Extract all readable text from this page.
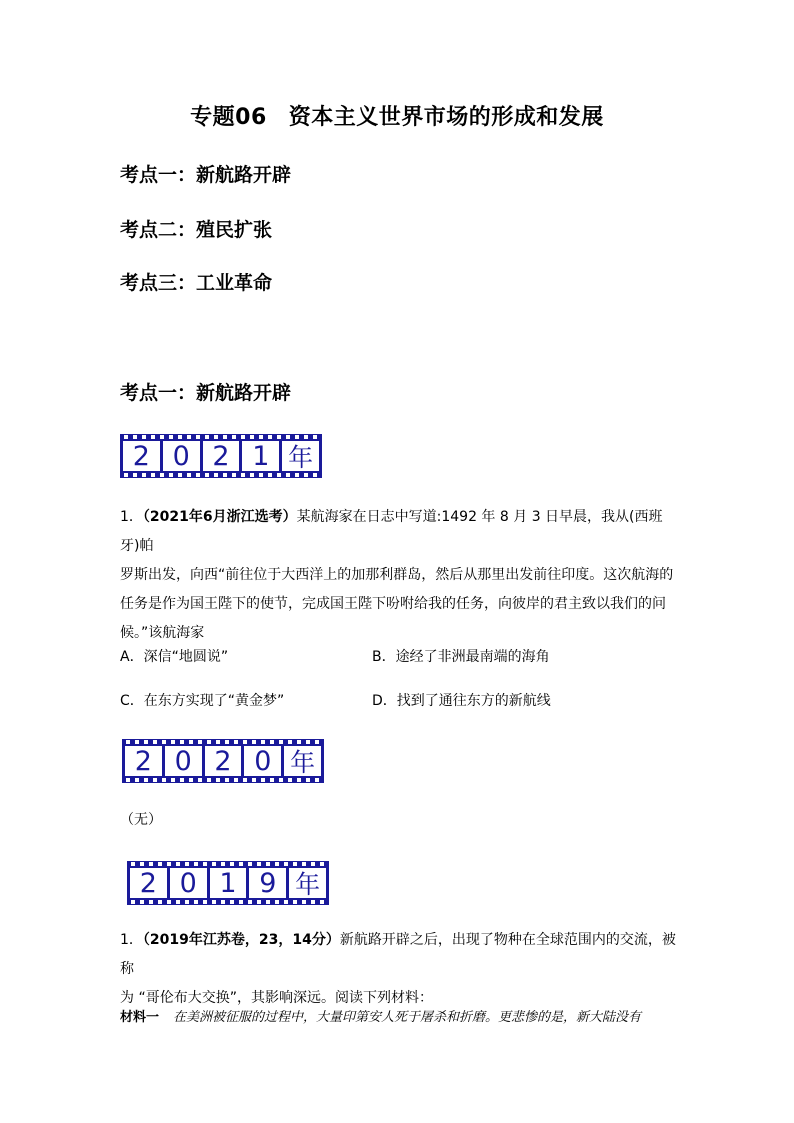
专题06 资本主义世界市场的形成和发展
考点一：新航路开辟
考点二：殖民扩张
考点三：工业革命
考点一：新航路开辟
2 0 2 1 年
1．（2021年6月浙江选考）某航海家在日志中写道:1492 年 8 月 3 日早晨，我从(西班牙)帕
罗斯出发，向西“前往位于大西洋上的加那利群岛，然后从那里出发前往印度。这次航海的
任务是作为国王陛下的使节，完成国王陛下吩咐给我的任务，向彼岸的君主致以我们的问
候。”该航海家
A．深信“地圆说”	B．途经了非洲最南端的海角
C．在东方实现了“黄金梦”	D．找到了通往东方的新航线
2 0 2 0 年
（无）
2 0 1 9 年
1．（2019年江苏卷，23，14分）新航路开辟之后，出现了物种在全球范围内的交流，被称
为 “哥伦布大交换”，其影响深远。阅读下列材料：
材料一 在美洲被征服的过程中，大量印第安人死于屠杀和折磨。更悲惨的是，新大陆没有
